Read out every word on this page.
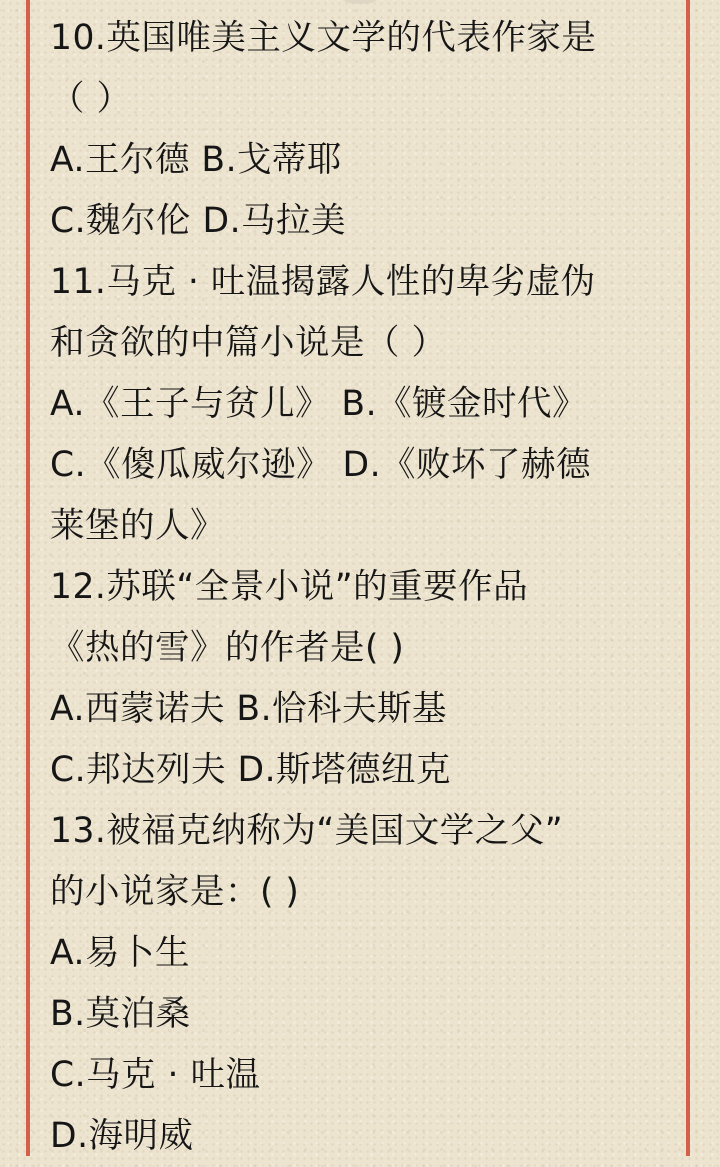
10.英国唯美主义文学的代表作家是
（ ）
A.王尔德 B.戈蒂耶
C.魏尔伦 D.马拉美
11.马克 · 吐温揭露人性的卑劣虚伪
和贪欲的中篇小说是（ ）
A.《王子与贫儿》 B.《镀金时代》
C.《傻瓜威尔逊》 D.《败坏了赫德
莱堡的人》
12.苏联“全景小说”的重要作品
《热的雪》的作者是( )
A.西蒙诺夫 B.恰科夫斯基
C.邦达列夫 D.斯塔德纽克
13.被福克纳称为“美国文学之父”
的小说家是：( )
A.易卜生
B.莫泊桑
C.马克 · 吐温
D.海明威
